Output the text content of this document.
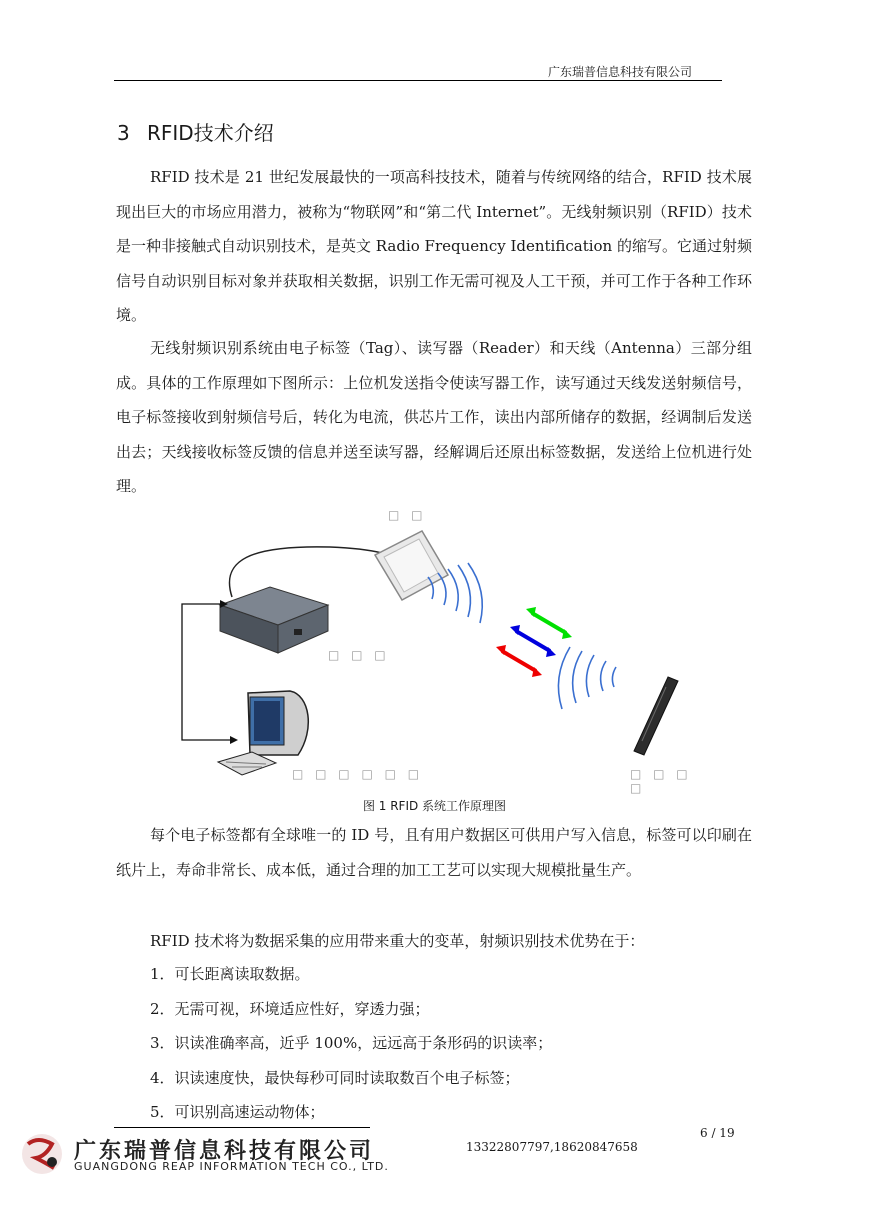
广东瑞普信息科技有限公司
3 RFID技术介绍

RFID 技术是 21 世纪发展最快的一项高科技技术，随着与传统网络的结合，RFID 技术展现出巨大的市场应用潜力，被称为“物联网”和“第二代 Internet”。无线射频识别（RFID）技术是一种非接触式自动识别技术，是英文 Radio Frequency Identification 的缩写。它通过射频信号自动识别目标对象并获取相关数据，识别工作无需可视及人工干预，并可工作于各种工作环境。

无线射频识别系统由电子标签（Tag）、读写器（Reader）和天线（Antenna）三部分组成。具体的工作原理如下图所示：上位机发送指令使读写器工作，读写通过天线发送射频信号，电子标签接收到射频信号后，转化为电流，供芯片工作，读出内部所储存的数据，经调制后发送出去；天线接收标签反馈的信息并送至读写器，经解调后还原出标签数据，发送给上位机进行处理。

□ □
□ □ □
□ □ □ □ □ □	□ □ □ □
图 1 RFID 系统工作原理图

每个电子标签都有全球唯一的 ID 号，且有用户数据区可供用户写入信息，标签可以印刷在纸片上，寿命非常长、成本低，通过合理的加工工艺可以实现大规模批量生产。

RFID 技术将为数据采集的应用带来重大的变革，射频识别技术优势在于：

1．可长距离读取数据。

2．无需可视，环境适应性好，穿透力强；

3．识读准确率高，近乎 100%，远远高于条形码的识读率；

4．识读速度快，最快每秒可同时读取数百个电子标签；

5．可识别高速运动物体；

6 / 19
13322807797,18620847658
广东瑞普信息科技有限公司
GUANGDONG REAP INFORMATION TECH CO., LTD.
